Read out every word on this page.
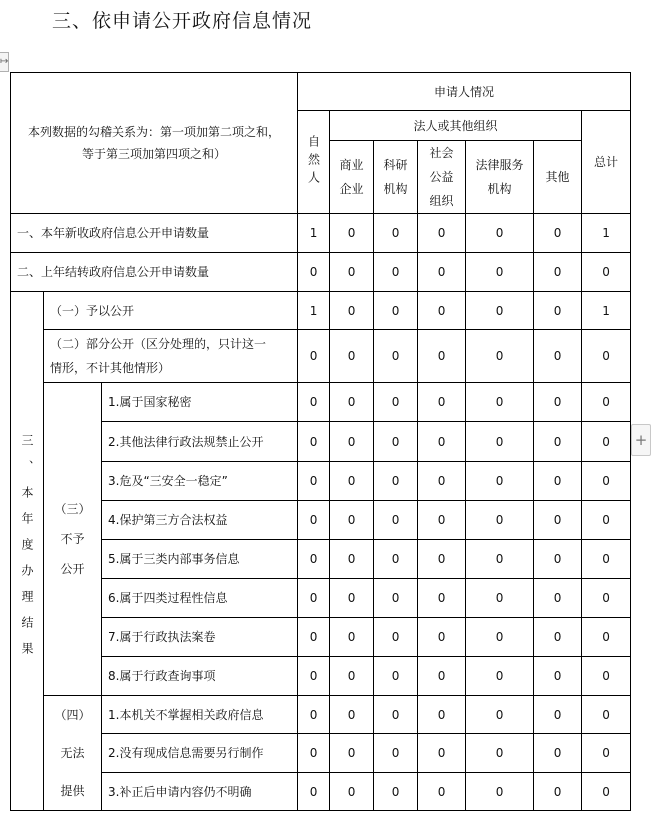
三、依申请公开政府信息情况
↦
+
本列数据的勾稽关系为：第一项加第二项之和，
等于第三项加第四项之和）			申请人情况						
			自然人	法人或其他组织					总计

				商业企业	科研机构	社会公益组织	法律服务机构	其他	
一、本年新收政府信息公开申请数量			1	0	0	0	0	0	1
二、上年结转政府信息公开申请数量			0	0	0	0	0	0	0
三、本年度办理结果	（一）予以公开		1	0	0	0	0	0	1

	（二）部分公开（区分处理的，只计这一
情形，不计其他情形）		0	0	0	0	0	0	0

	（三）
不予
公开	1.属于国家秘密	0	0	0	0	0	0	0
		2.其他法律行政法规禁止公开	0	0	0	0	0	0	0
		3.危及“三安全一稳定”	0	0	0	0	0	0	0
		4.保护第三方合法权益	0	0	0	0	0	0	0
		5.属于三类内部事务信息	0	0	0	0	0	0	0
		6.属于四类过程性信息	0	0	0	0	0	0	0
		7.属于行政执法案卷	0	0	0	0	0	0	0
		8.属于行政查询事项	0	0	0	0	0	0	0

	（四）
无法
提供	1.本机关不掌握相关政府信息	0	0	0	0	0	0	0
		2.没有现成信息需要另行制作	0	0	0	0	0	0	0
		3.补正后申请内容仍不明确	0	0	0	0	0	0	0
